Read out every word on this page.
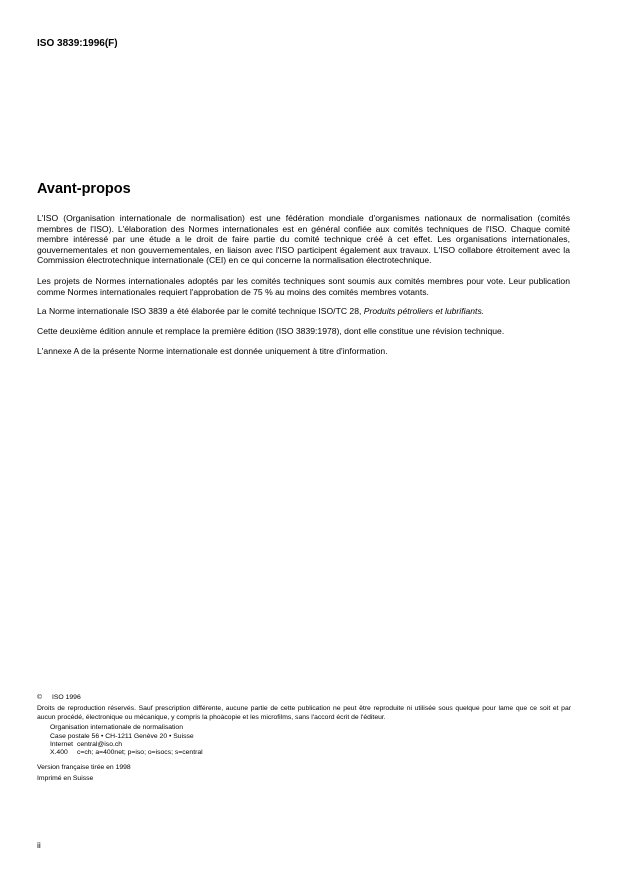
ISO 3839:1996(F)

Avant-propos

L'ISO (Organisation internationale de normalisation) est une fédération mondiale d'organismes nationaux de normalisation (comités membres de l'ISO). L'élaboration des Normes internationales est en général confiée aux comités techniques de l'ISO. Chaque comité membre intéressé par une étude a le droit de faire partie du comité technique créé à cet effet. Les organisations internationales, gouvernementales et non gouvernementales, en liaison avec l'ISO participent également aux travaux. L'ISO collabore étroitement avec la Commission électrotechnique internationale (CEI) en ce qui concerne la normalisation électrotechnique.

Les projets de Normes internationales adoptés par les comités techniques sont soumis aux comités membres pour vote. Leur publication comme Normes internationales requiert l'approbation de 75 % au moins des comités membres votants.

La Norme internationale ISO 3839 a été élaborée par le comité technique ISO/TC 28, Produits pétroliers et lubrifiants.

Cette deuxième édition annule et remplace la première édition (ISO 3839:1978), dont elle constitue une révision technique.

L'annexe A de la présente Norme internationale est donnée uniquement à titre d'information.

© ISO 1996

Droits de reproduction réservés. Sauf prescription différente, aucune partie de cette publication ne peut être reproduite ni utilisée sous quelque pour lame que ce soit et par aucun procédé, électronique ou mécanique, y compris la phoàcopie et les microfilms, sans l'accord écrit de l'éditeur.

Organisation internationale de normalisation
Case postale 56 • CH-1211 Genève 20 • Suisse
Internet central@iso.ch
X.400	c=ch; a=400net; p=iso; o=isocs; s=central

Version française tirée en 1998

Imprimé en Suisse

ii
